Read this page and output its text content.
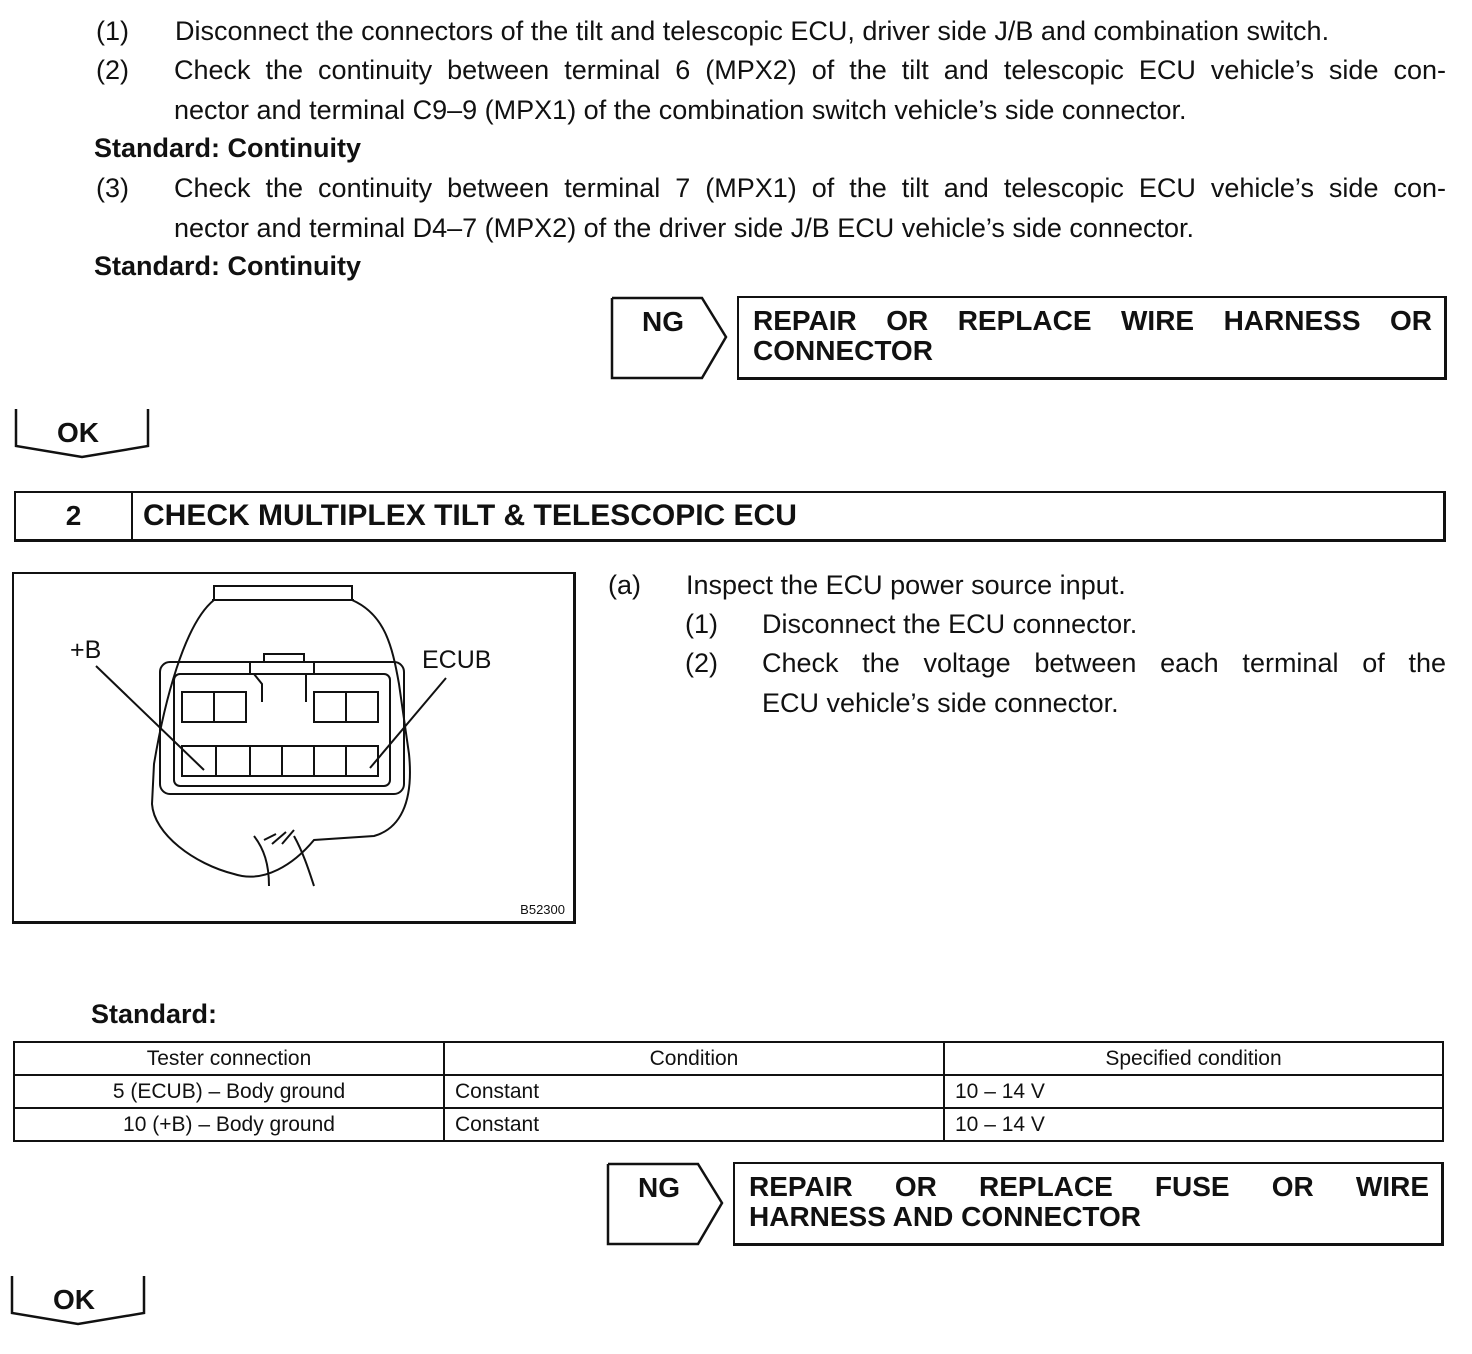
(1) Disconnect the connectors of the tilt and telescopic ECU, driver side J/B and combination switch.
(2) Check the continuity between terminal 6 (MPX2) of the tilt and telescopic ECU vehicle’s side con-
nector and terminal C9–9 (MPX1) of the combination switch vehicle’s side connector.
Standard: Continuity
(3) Check the continuity between terminal 7 (MPX1) of the tilt and telescopic ECU vehicle’s side con-
nector and terminal D4–7 (MPX2) of the driver side J/B ECU vehicle’s side connector.
Standard: Continuity
NG REPAIR OR REPLACE WIRE HARNESS OR
CONNECTOR
OK
2	CHECK MULTIPLEX TILT & TELESCOPIC ECU
+B	ECUB
B52300
(a) Inspect the ECU power source input.
(1) Disconnect the ECU connector.
(2) Check the voltage between each terminal of the
ECU vehicle’s side connector.
Standard:
Tester connection	Condition	Specified condition
5 (ECUB) – Body ground	Constant	10 – 14 V
10 (+B) – Body ground	Constant	10 – 14 V
NG REPAIR OR REPLACE FUSE OR WIRE
HARNESS AND CONNECTOR
OK
